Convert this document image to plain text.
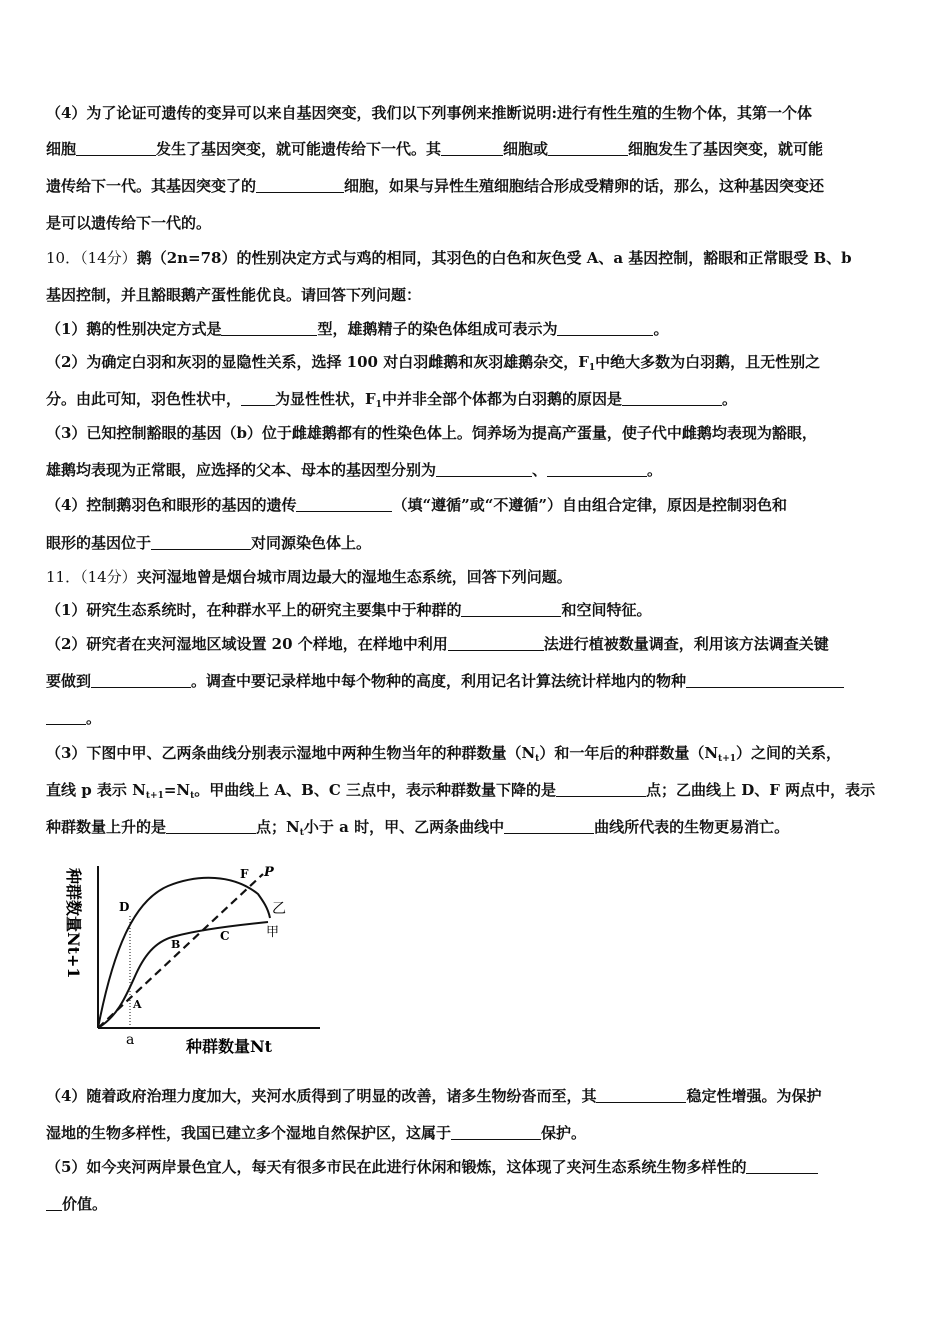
（4）为了论证可遗传的变异可以来自基因突变，我们以下列事例来推断说明:进行有性生殖的生物个体，其第一个体
细胞	发生了基因突变，就可能遗传给下一代。其	细胞或	细胞发生了基因突变，就可能
遗传给下一代。其基因突变了的	细胞，如果与异性生殖细胞结合形成受精卵的话，那么，这种基因突变还
是可以遗传给下一代的。
10．（14分）鹅（2n=78）的性别决定方式与鸡的相同，其羽色的白色和灰色受 A、a 基因控制，豁眼和正常眼受 B、b
基因控制，并且豁眼鹅产蛋性能优良。请回答下列问题：
（1）鹅的性别决定方式是	型，雄鹅精子的染色体组成可表示为	。
（2）为确定白羽和灰羽的显隐性关系，选择 100 对白羽雌鹅和灰羽雄鹅杂交，$F_1$中绝大多数为白羽鹅，且无性别之
分。由此可知，羽色性状中， 为显性性状，$F_1$中并非全部个体都为白羽鹅的原因是	。
（3）已知控制豁眼的基因（b）位于雌雄鹅都有的性染色体上。饲养场为提高产蛋量，使子代中雌鹅均表现为豁眼，
雄鹅均表现为正常眼，应选择的父本、母本的基因型分别为	、	。
（4）控制鹅羽色和眼形的基因的遗传	（填“遵循”或“不遵循”）自由组合定律，原因是控制羽色和
眼形的基因位于	对同源染色体上。
11．（14分）夹河湿地曾是烟台城市周边最大的湿地生态系统，回答下列问题。
（1）研究生态系统时，在种群水平上的研究主要集中于种群的	和空间特征。
（2）研究者在夹河湿地区域设置 20 个样地，在样地中利用	法进行植被数量调查，利用该方法调查关键
要做到	。调查中要记录样地中每个物种的高度，利用记名计算法统计样地内的物种
。
（3）下图中甲、乙两条曲线分别表示湿地中两种生物当年的种群数量$(N_t)$和一年后的种群数量$(N_{t+1})$之间的关系，
直线 p 表示 $N_{t+1}=N_t$。甲曲线上 A、B、C 三点中，表示种群数量下降的是	点；乙曲线上 D、F 两点中，表示
种群数量上升的是	点；$N_t$小于 a 时，甲、乙两条曲线中	曲线所代表的生物更易消亡。
D
F P
乙
甲
B
C
A
a	种群数量Nt
种群数量Nt+1
（4）随着政府治理力度加大，夹河水质得到了明显的改善，诸多生物纷沓而至，其	稳定性增强。为保护
湿地的生物多样性，我国已建立多个湿地自然保护区，这属于	保护。
（5）如今夹河两岸景色宜人，每天有很多市民在此进行休闲和锻炼，这体现了夹河生态系统生物多样性的
价值。
